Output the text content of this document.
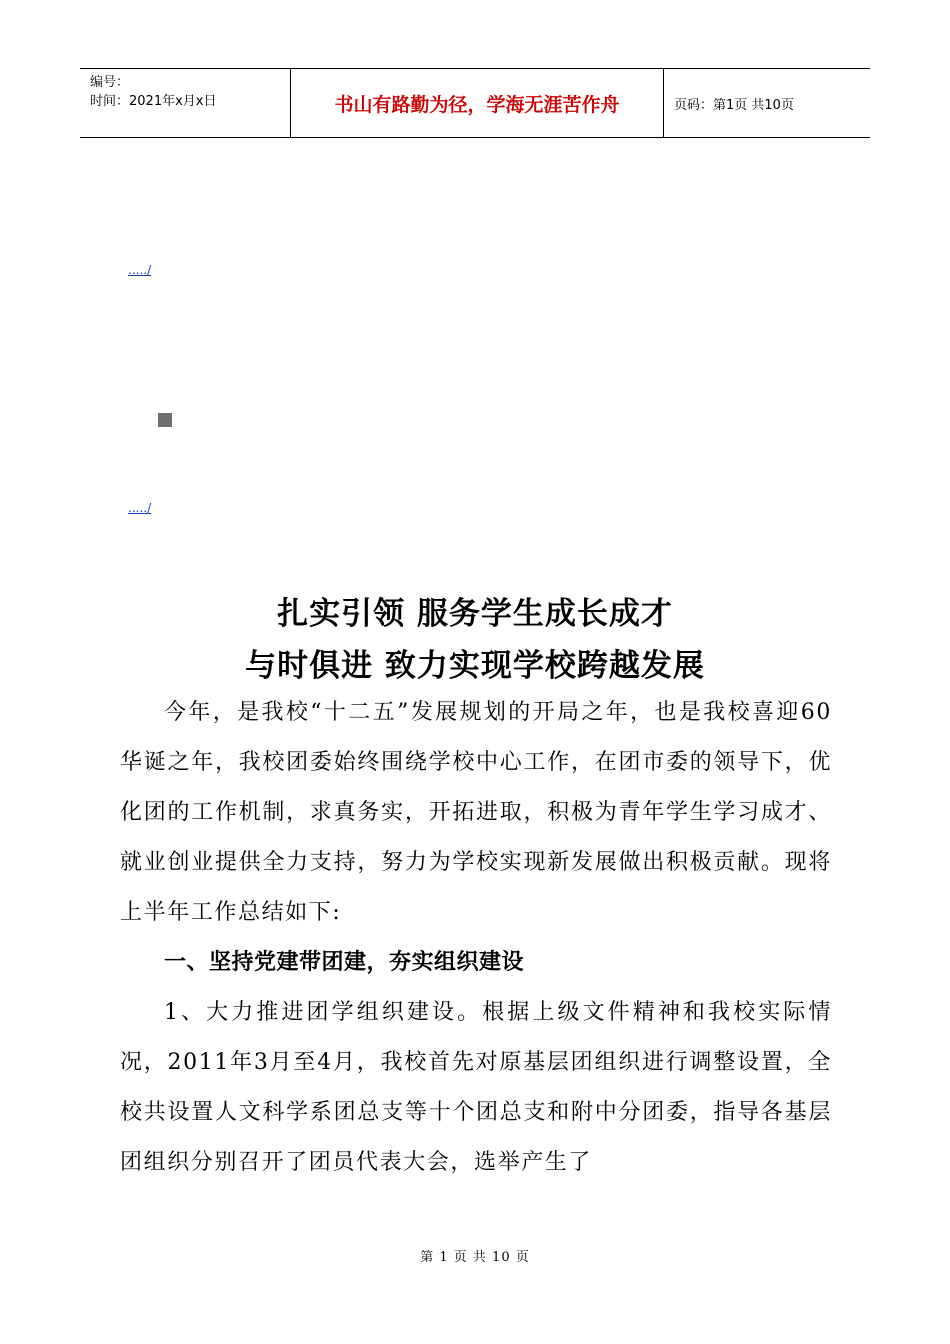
编号：
时间：2021年x月x日	书山有路勤为径，学海无涯苦作舟	页码：第1页 共10页
...../
...../
扎实引领 服务学生成长成才
与时俱进 致力实现学校跨越发展

今年，是我校“十二五”发展规划的开局之年，也是我校喜迎60华诞之年，我校团委始终围绕学校中心工作，在团市委的领导下，优化团的工作机制，求真务实，开拓进取，积极为青年学生学习成才、就业创业提供全力支持，努力为学校实现新发展做出积极贡献。现将上半年工作总结如下:

一、坚持党建带团建，夯实组织建设

1、大力推进团学组织建设。根据上级文件精神和我校实际情况，2011年3月至4月，我校首先对原基层团组织进行调整设置，全校共设置人文科学系团总支等十个团总支和附中分团委，指导各基层团组织分别召开了团员代表大会，选举产生了

第 1 页 共 10 页
